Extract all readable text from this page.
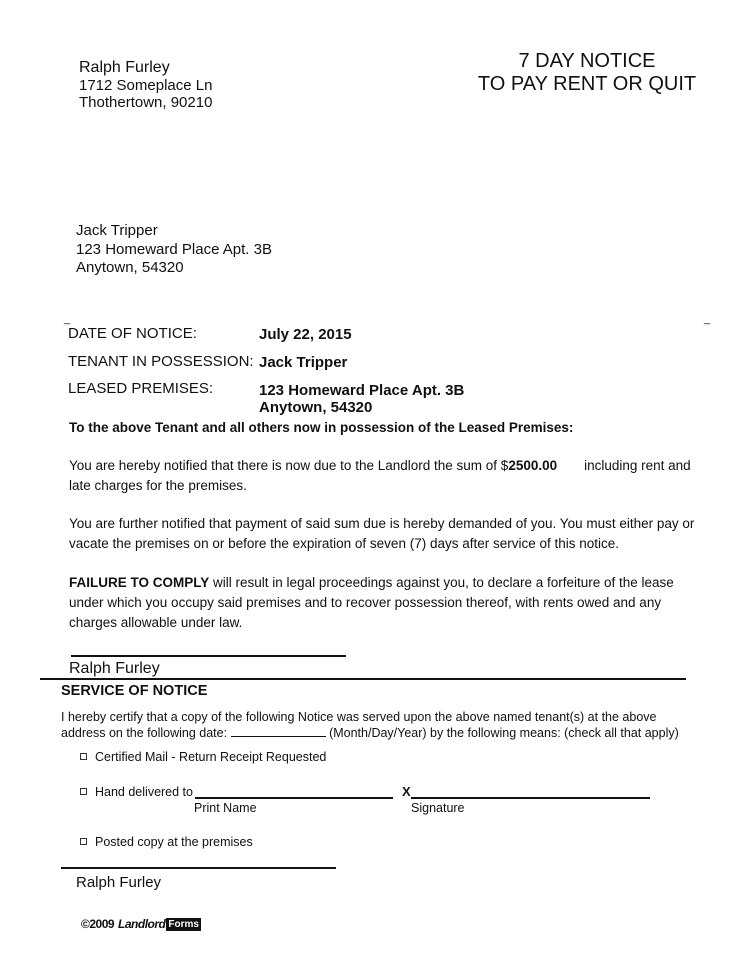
Ralph Furley
1712 Someplace Ln
Thothertown, 90210
7 DAY NOTICE
TO PAY RENT OR QUIT
Jack Tripper
123 Homeward Place Apt. 3B
Anytown, 54320
_	_
DATE OF NOTICE:	July 22, 2015
TENANT IN POSSESSION: Jack Tripper
LEASED PREMISES:	123 Homeward Place Apt. 3B
Anytown, 54320
To the above Tenant and all others now in possession of the Leased Premises:
You are hereby notified that there is now due to the Landlord the sum of $2500.00 including rent and late charges for the premises.
You are further notified that payment of said sum due is hereby demanded of you. You must either pay or vacate the premises on or before the expiration of seven (7) days after service of this notice.
FAILURE TO COMPLY will result in legal proceedings against you, to declare a forfeiture of the lease under which you occupy said premises and to recover possession thereof, with rents owed and any charges allowable under law.
Ralph Furley
SERVICE OF NOTICE
I hereby certify that a copy of the following Notice was served upon the above named tenant(s) at the above address on the following date:	(Month/Day/Year) by the following means: (check all that apply)
Certified Mail - Return Receipt Requested
Hand delivered to	X
Print Name	Signature
Posted copy at the premises
Ralph Furley
©2009 Landlord Forms
